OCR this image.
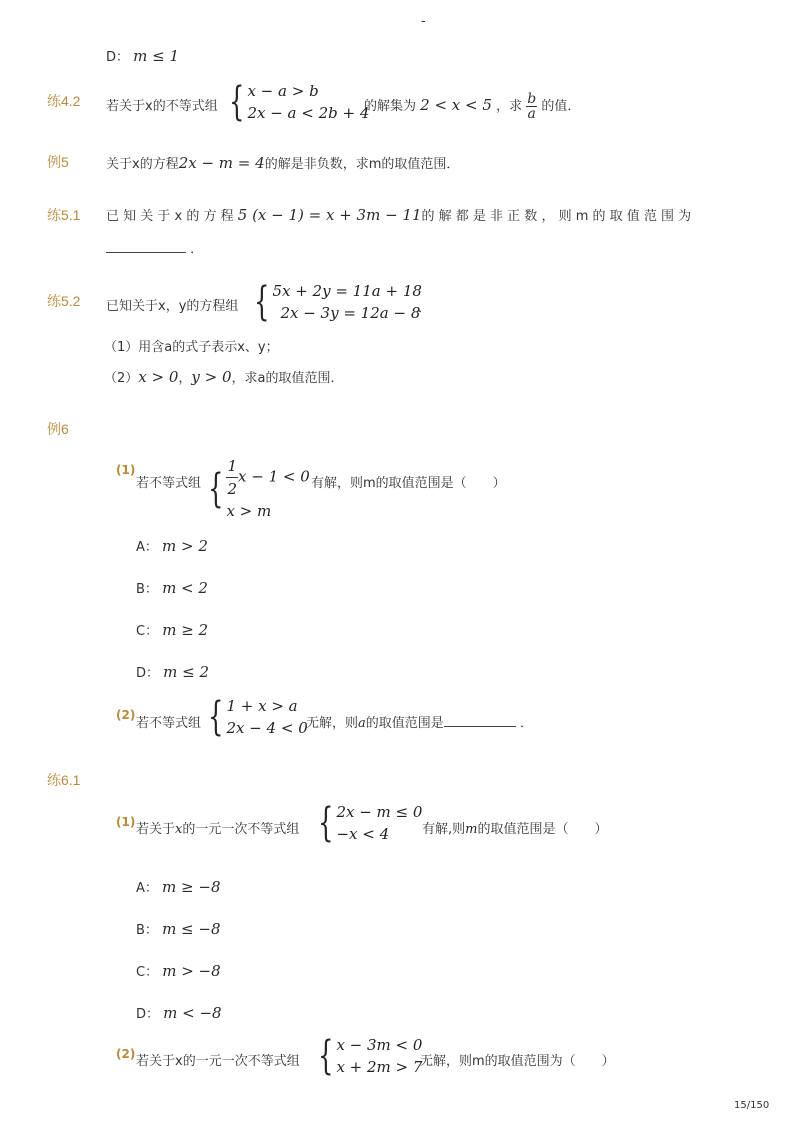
-
D： m ≤ 1
练4.2 若关于x的不等式组 { x − a > b
2x − a < 2b + 4
的解集为 2 < x < 5 ，求 $\frac{b}{a}$ 的值．
例5	关于x的方程2x − m = 4的解是非负数，求m的取值范围．
练5.1 已 知 关 于 x 的 方 程 5 (x − 1) = x + 3m − 11的 解 都 是 非 正 数 ， 则 m 的 取 值 范 围 为
．
练5.2 已知关于x，y的方程组 { 5x + 2y = 11a + 18
2x − 3y = 12a − 8
．
（1）用含a的式子表示x、y；
（2）x > 0，y > 0，求a的取值范围．
例6
(1)
若不等式组 { $\frac{1}{2}$ x − 1 < 0
x > m
有解，则m的取值范围是（　　）
A： m > 2
B： m < 2
C： m ≥ 2
D： m ≤ 2
(2)
若不等式组 { 1 + x > a
2x − 4 < 0
无解，则a的取值范围是	．
练6.1
(1) 若关于x的一元一次不等式组 { 2x − m ≤ 0
−x < 4	有解,则m的取值范围是（　　）
A： m ≥ −8
B： m ≤ −8
C： m > −8
D： m < −8
(2) 若关于x的一元一次不等式组 { x − 3m < 0
x + 2m > 7
无解，则m的取值范围为（　　）
15/150
